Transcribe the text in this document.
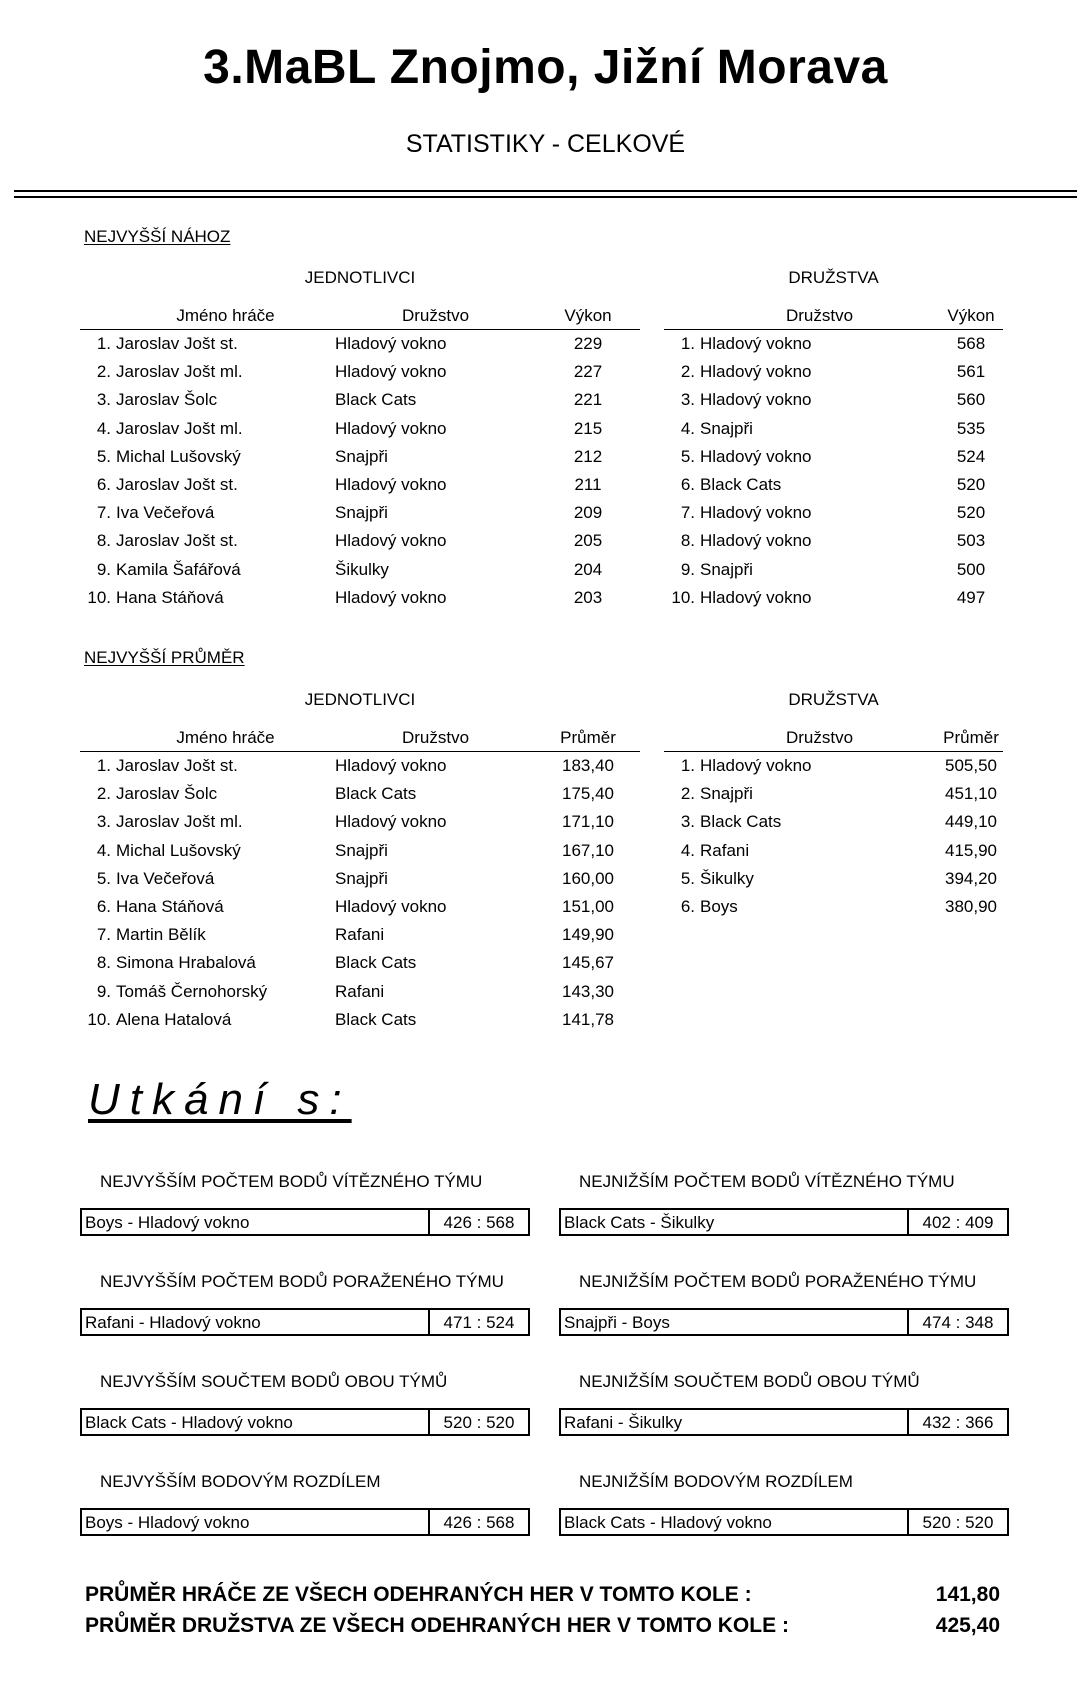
3.MaBL Znojmo, Jižní Morava
STATISTIKY - CELKOVÉ
NEJVYŠŠÍ NÁHOZ
JEDNOTLIVCI	DRUŽSTVA
	Jméno hráče	Družstvo	Výkon
1.	Jaroslav Jošt st.	Hladový vokno	229
2.	Jaroslav Jošt ml.	Hladový vokno	227
3.	Jaroslav Šolc	Black Cats	221
4.	Jaroslav Jošt ml.	Hladový vokno	215
5.	Michal Lušovský	Snajpři	212
6.	Jaroslav Jošt st.	Hladový vokno	211
7.	Iva Večeřová	Snajpři	209
8.	Jaroslav Jošt st.	Hladový vokno	205
9.	Kamila Šafářová	Šikulky	204
10.	Hana Stáňová	Hladový vokno	203
	Družstvo	Výkon
1.	Hladový vokno	568
2.	Hladový vokno	561
3.	Hladový vokno	560
4.	Snajpři	535
5.	Hladový vokno	524
6.	Black Cats	520
7.	Hladový vokno	520
8.	Hladový vokno	503
9.	Snajpři	500
10.	Hladový vokno	497
NEJVYŠŠÍ PRŮMĚR
JEDNOTLIVCI	DRUŽSTVA
	Jméno hráče	Družstvo	Průměr
1.	Jaroslav Jošt st.	Hladový vokno	183,40
2.	Jaroslav Šolc	Black Cats	175,40
3.	Jaroslav Jošt ml.	Hladový vokno	171,10
4.	Michal Lušovský	Snajpři	167,10
5.	Iva Večeřová	Snajpři	160,00
6.	Hana Stáňová	Hladový vokno	151,00
7.	Martin Bělík	Rafani	149,90
8.	Simona Hrabalová	Black Cats	145,67
9.	Tomáš Černohorský	Rafani	143,30
10.	Alena Hatalová	Black Cats	141,78
	Družstvo	Průměr
1.	Hladový vokno	505,50
2.	Snajpři	451,10
3.	Black Cats	449,10
4.	Rafani	415,90
5.	Šikulky	394,20
6.	Boys	380,90
Utkání s:
NEJVYŠŠÍM POČTEM BODŮ VÍTĚZNÉHO TÝMU
Boys - Hladový vokno	426 : 568
NEJNIŽŠÍM POČTEM BODŮ VÍTĚZNÉHO TÝMU
Black Cats - Šikulky	402 : 409
NEJVYŠŠÍM POČTEM BODŮ PORAŽENÉHO TÝMU
Rafani - Hladový vokno	471 : 524
NEJNIŽŠÍM POČTEM BODŮ PORAŽENÉHO TÝMU
Snajpři - Boys	474 : 348
NEJVYŠŠÍM SOUČTEM BODŮ OBOU TÝMŮ
Black Cats - Hladový vokno	520 : 520
NEJNIŽŠÍM SOUČTEM BODŮ OBOU TÝMŮ
Rafani - Šikulky	432 : 366
NEJVYŠŠÍM BODOVÝM ROZDÍLEM
Boys - Hladový vokno	426 : 568
NEJNIŽŠÍM BODOVÝM ROZDÍLEM
Black Cats - Hladový vokno	520 : 520
PRŮMĚR HRÁČE ZE VŠECH ODEHRANÝCH HER V TOMTO KOLE :	141,80
PRŮMĚR DRUŽSTVA ZE VŠECH ODEHRANÝCH HER V TOMTO KOLE :	425,40
